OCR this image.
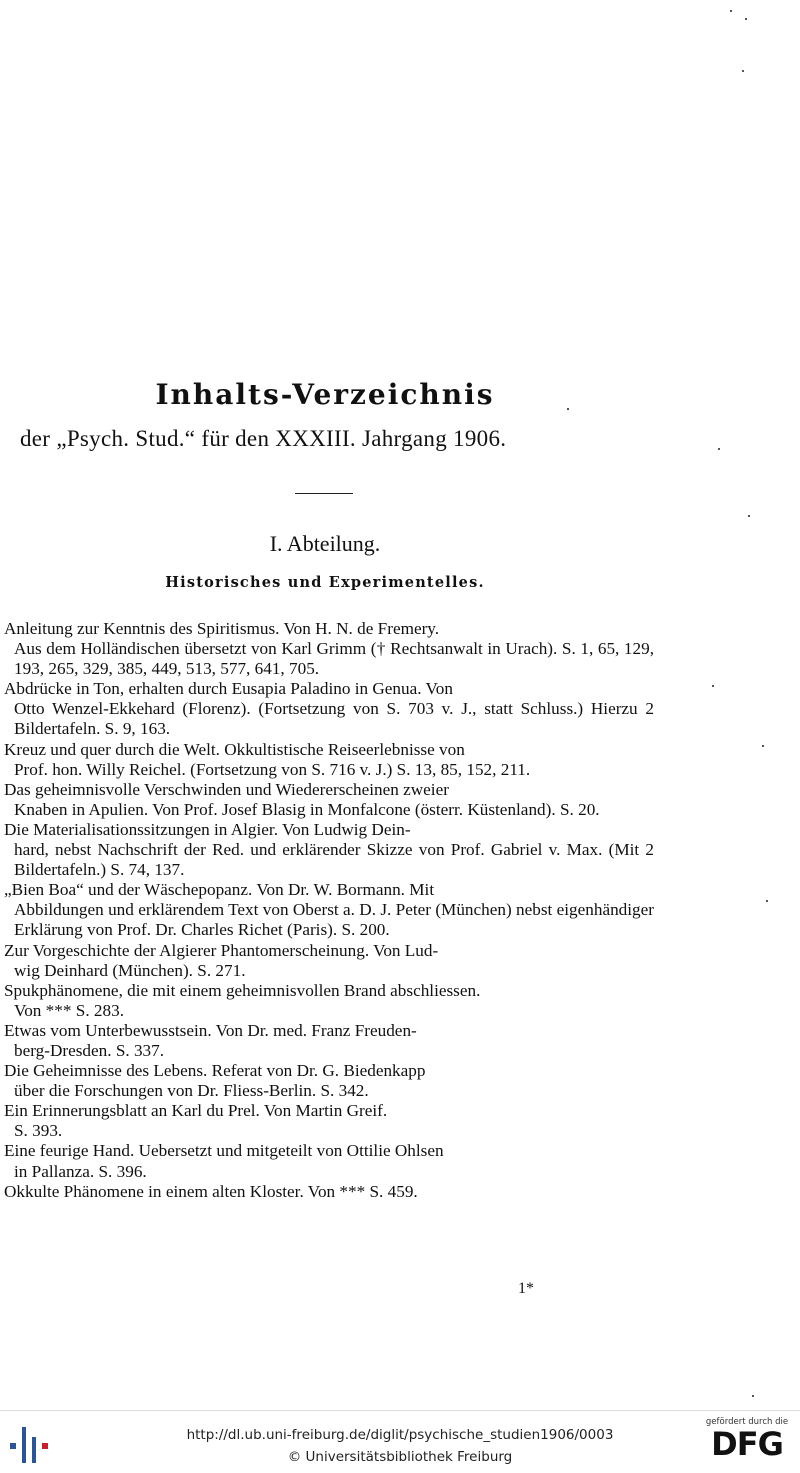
Inhalts-Verzeichnis
der „Psych. Stud.“ für den XXXIII. Jahrgang 1906.
I. Abteilung.
Historisches und Experimentelles.

Anleitung zur Kenntnis des Spiritismus. Von H. N. de Fremery.
Aus dem Holländischen übersetzt von Karl Grimm († Rechtsanwalt in Urach). S. 1, 65, 129, 193, 265, 329, 385, 449, 513, 577, 641, 705.

Abdrücke in Ton, erhalten durch Eusapia Paladino in Genua. Von
Otto Wenzel-Ekkehard (Florenz). (Fortsetzung von S. 703 v. J., statt Schluss.) Hierzu 2 Bildertafeln. S. 9, 163.

Kreuz und quer durch die Welt. Okkultistische Reiseerlebnisse von
Prof. hon. Willy Reichel. (Fortsetzung von S. 716 v. J.) S. 13, 85, 152, 211.

Das geheimnisvolle Verschwinden und Wiedererscheinen zweier
Knaben in Apulien. Von Prof. Josef Blasig in Monfalcone (österr. Küstenland). S. 20.

Die Materialisationssitzungen in Algier. Von Ludwig Dein-
hard, nebst Nachschrift der Red. und erklärender Skizze von Prof. Gabriel v. Max. (Mit 2 Bildertafeln.) S. 74, 137.

„Bien Boa“ und der Wäschepopanz. Von Dr. W. Bormann. Mit
Abbildungen und erklärendem Text von Oberst a. D. J. Peter (München) nebst eigenhändiger Erklärung von Prof. Dr. Charles Richet (Paris). S. 200.

Zur Vorgeschichte der Algierer Phantomerscheinung. Von Lud-
wig Deinhard (München). S. 271.

Spukphänomene, die mit einem geheimnisvollen Brand abschliessen.
Von *** S. 283.

Etwas vom Unterbewusstsein. Von Dr. med. Franz Freuden-
berg-Dresden. S. 337.

Die Geheimnisse des Lebens. Referat von Dr. G. Biedenkapp
über die Forschungen von Dr. Fliess-Berlin. S. 342.

Ein Erinnerungsblatt an Karl du Prel. Von Martin Greif.
S. 393.

Eine feurige Hand. Uebersetzt und mitgeteilt von Ottilie Ohlsen
in Pallanza. S. 396.

Okkulte Phänomene in einem alten Kloster. Von *** S. 459.

1*
http://dl.ub.uni-freiburg.de/diglit/psychische_studien1906/0003
© Universitätsbibliothek Freiburg
gefördert durch die
DFG
